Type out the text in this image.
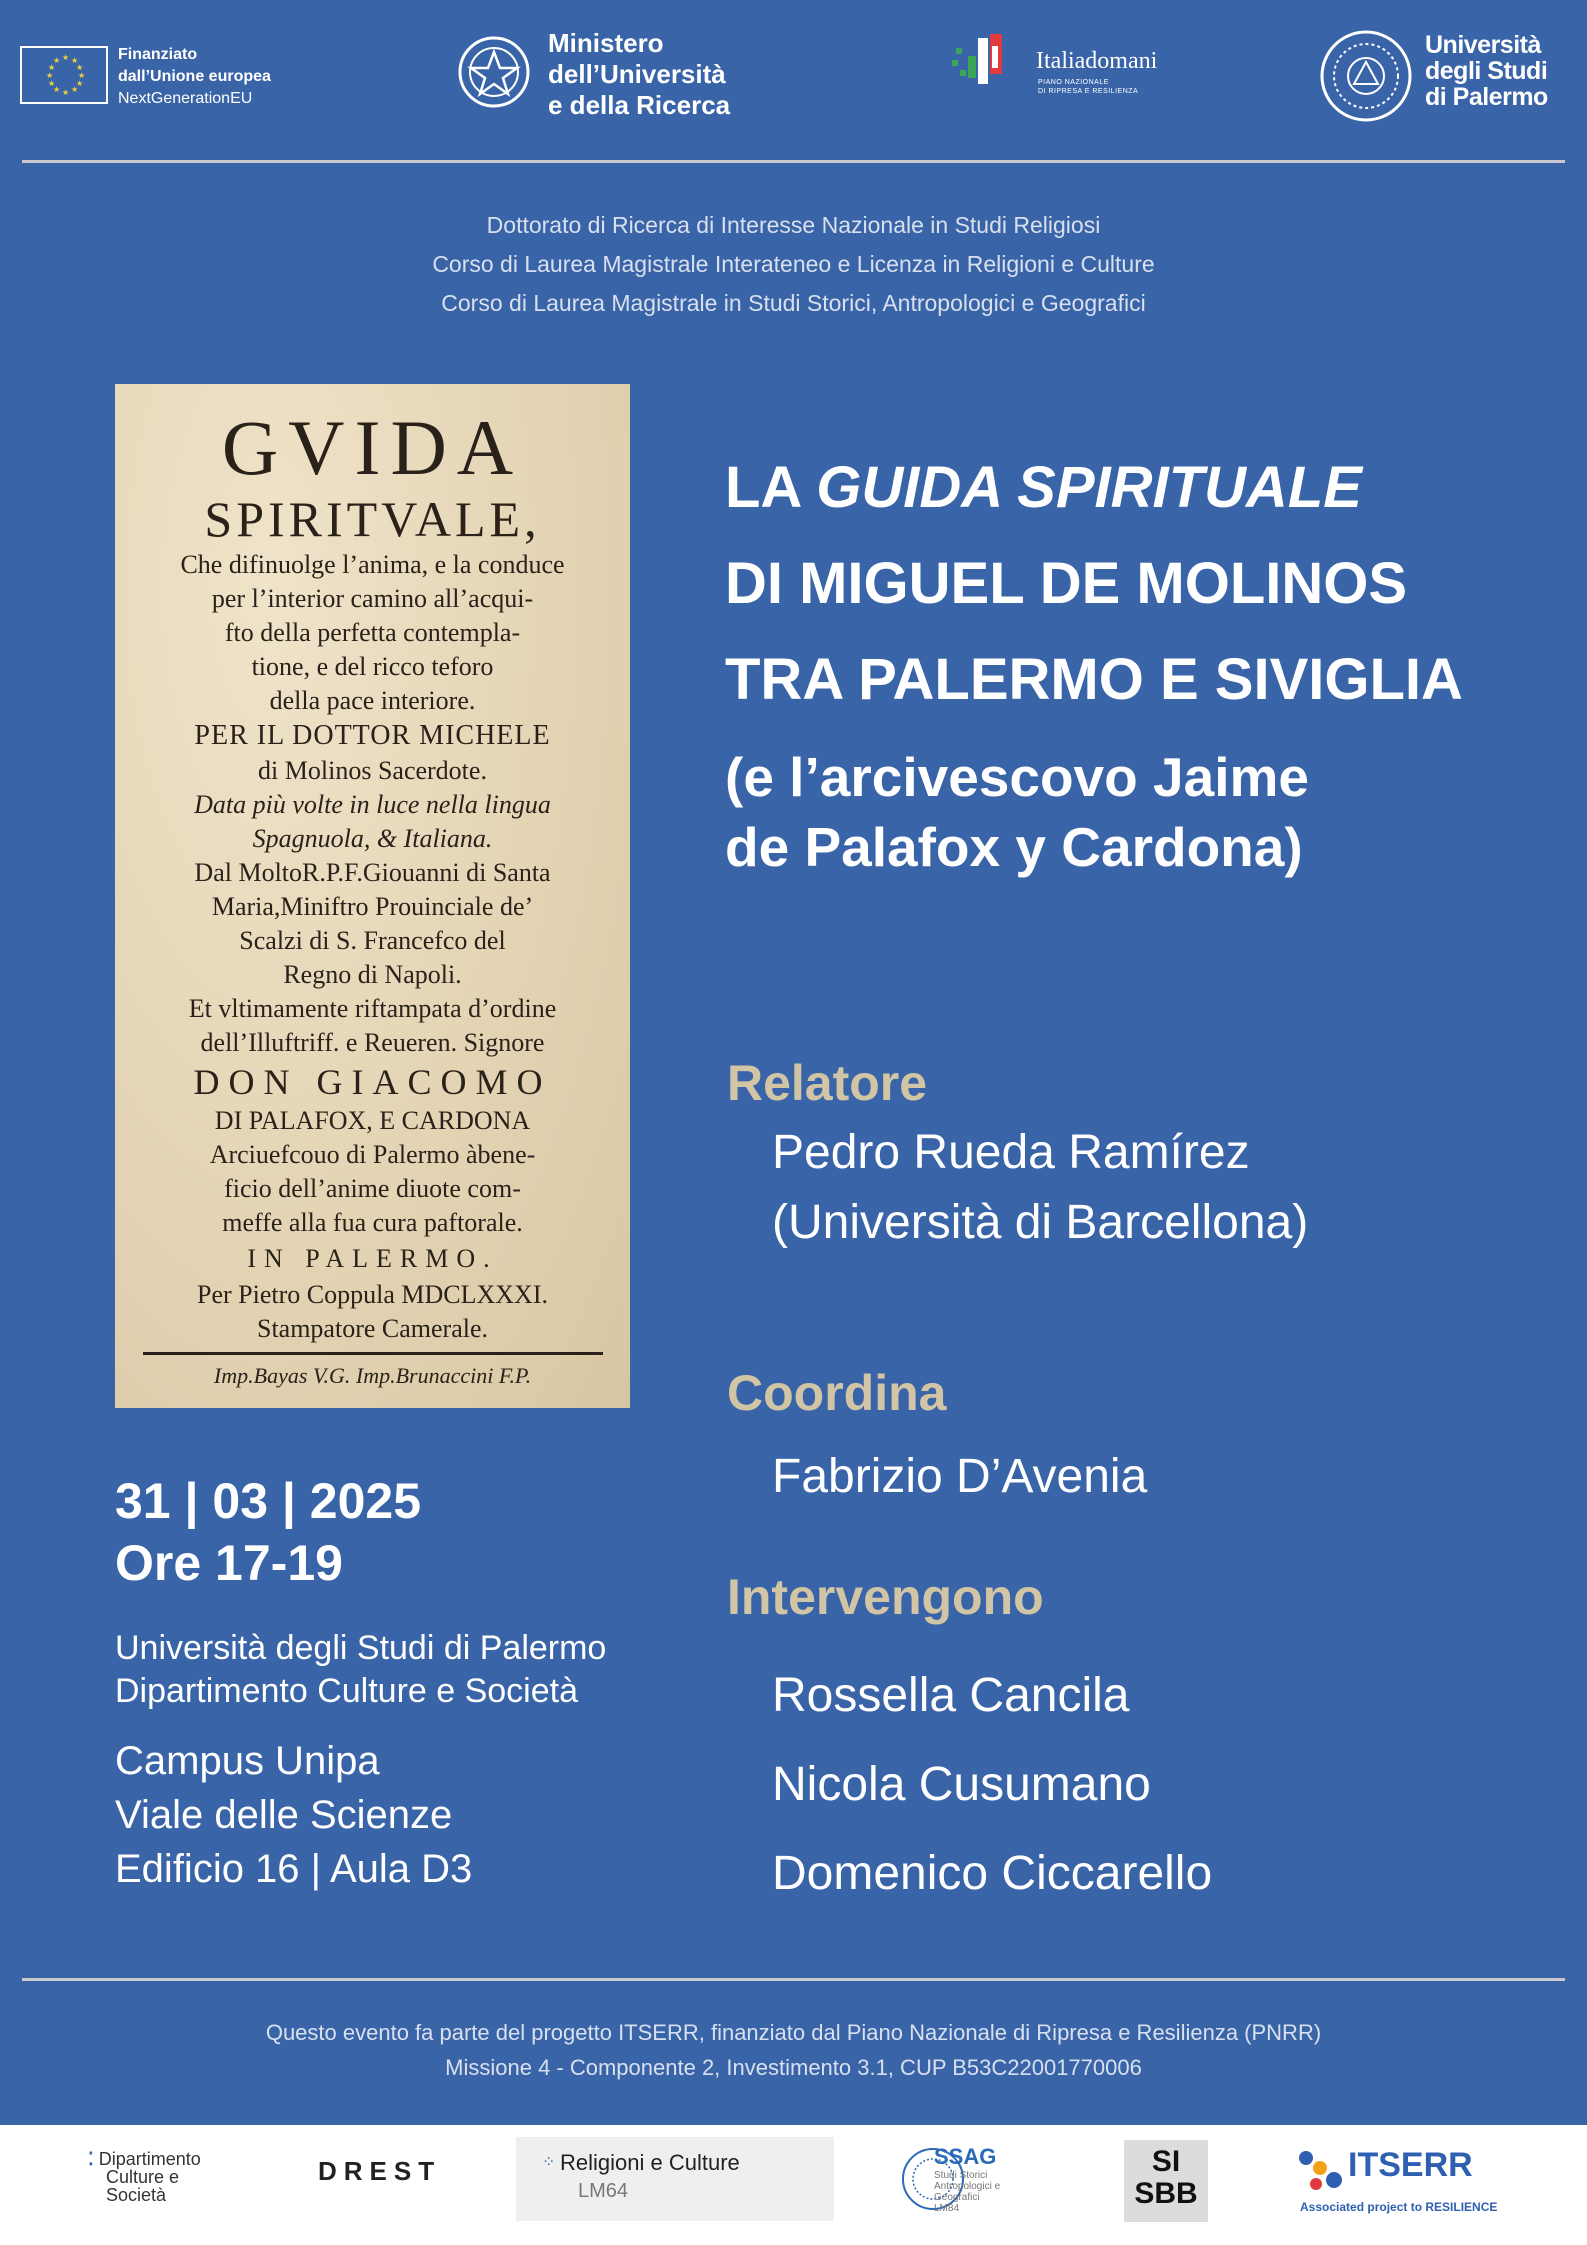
★ ★
★
★
★
★
★
★
★
★
★
★	Finanziato
dall’Unione europea
NextGenerationEU
Ministero
dell’Università
e della Ricerca
Italiadomani
PIANO NAZIONALE
DI RIPRESA E RESILIENZA
Università
degli Studi
di Palermo
Dottorato di Ricerca di Interesse Nazionale in Studi Religiosi
Corso di Laurea Magistrale Interateneo e Licenza in Religioni e Culture
Corso di Laurea Magistrale in Studi Storici, Antropologici e Geografici
GVIDA
SPIRITVALE,
Che difinuolge l’anima, e la conduce
per l’interior camino all’acqui-
fto della perfetta contempla-
tione, e del ricco teforo
della pace interiore.
PER IL DOTTOR MICHELE
di Molinos Sacerdote.
Data più volte in luce nella lingua
Spagnuola, & Italiana.
Dal MoltoR.P.F.Giouanni di Santa
Maria,Miniftro Prouinciale de’
Scalzi di S. Francefco del
Regno di Napoli.
Et vltimamente riftampata d’ordine
dell’Illuftriff. e Reueren. Signore
DON GIACOMO
DI PALAFOX, E CARDONA
Arciuefcouo di Palermo àbene-
ficio dell’anime diuote com-
meffe alla fua cura paftorale.
IN PALERMO.
Per Pietro Coppula MDCLXXXI.
Stampatore Camerale.
Imp.Bayas V.G. Imp.Brunaccini F.P.
LA GUIDA SPIRITUALE
DI MIGUEL DE MOLINOS
TRA PALERMO E SIVIGLIA
(e l’arcivescovo Jaime
de Palafox y Cardona)
Relatore
Pedro Rueda Ramírez
(Università di Barcellona)
Coordina
Fabrizio D’Avenia
Intervengono
Rossella Cancila
Nicola Cusumano
Domenico Ciccarello
31 | 03 | 2025
Ore 17-19
Università degli Studi di Palermo
Dipartimento Culture e Società
Campus Unipa
Viale delle Scienze
Edificio 16 | Aula D3
Questo evento fa parte del progetto ITSERR, finanziato dal Piano Nazionale di Ripresa e Resilienza (PNRR)
Missione 4 - Componente 2, Investimento 3.1, CUP B53C22001770006
⁚ Dipartimento
Culture e
Società
DREST	⁘ Religioni e Culture
LM64
SSAG
Studi Storici Antropologici e Geografici LM84
SI
SBB
ITSERR
Associated project to RESILIENCE
